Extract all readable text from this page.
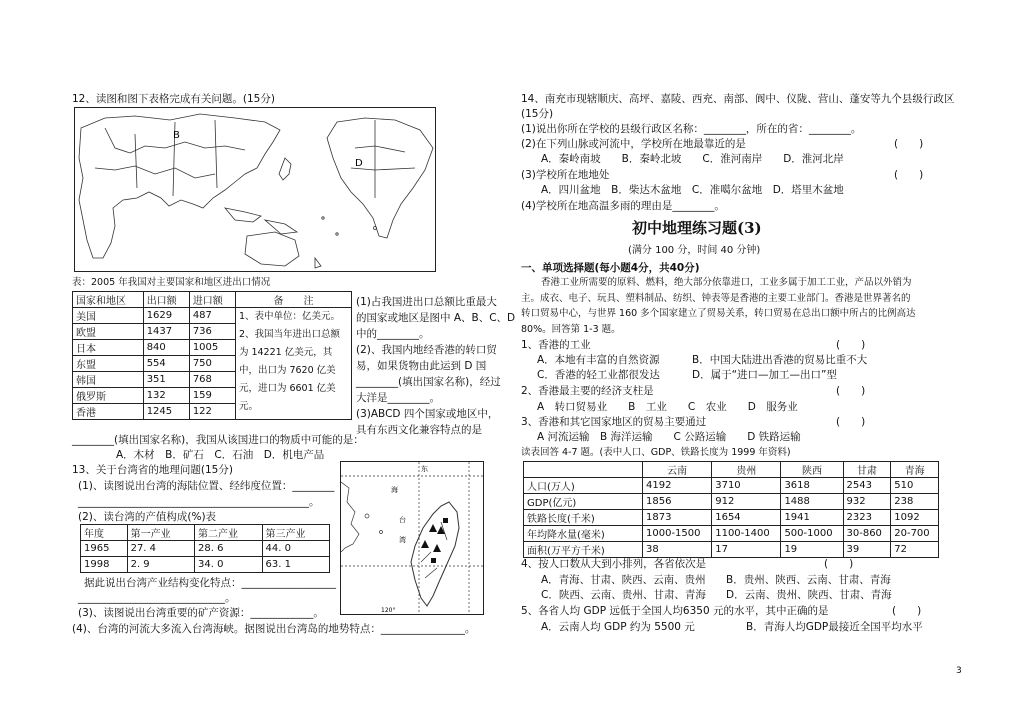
12、读图和图下表格完成有关问题。(15分)
B
D
表：2005 年我国对主要国家和地区进出口情况
国家和地区	出口额	进口额	备　　注
美国	1629	487	1、表中单位：亿美元。2、我国当年进出口总额为 14221 亿美元，其中，出口为 7620 亿美元，进口为 6601 亿美元。

欧盟	1437	736	
日本	840	1005	
东盟	554	750	
韩国	351	768	
俄罗斯	132	159	
香港	1245	122	
(1)占我国进出口总额比重最大
的国家或地区是图中 A、B、C、D
中的________。
(2)、我国内地经香港的转口贸
易，如果货物由此运到 D 国
________(填出国家名称)，经过
大洋是________。
(3)ABCD 四个国家或地区中，
具有东西文化兼容特点的是
________(填出国家名称)，我国从该国进口的物质中可能的是：
A．木材　B．矿石　C．石油　D．机电产品
13、关于台湾省的地理问题(15分)
(1)、读图说出台湾的海陆位置、经纬度位置：________
____________________________________________。
(2)、读台湾的产值构成(%)表
年度	第一产业	第二产业	第三产业
1965	27. 4	28. 6	44. 0
1998	2. 9	34. 0	63. 1
据此说出台湾产业结构变化特点：__________________
____________________________。
(3)、读图说出台湾重要的矿产资源：____________。
(4)、台湾的河流大多流入台湾海峡。据图说出台湾岛的地势特点：________________。
东
海
台
湾
120°
14、南充市现辖顺庆、高坪、嘉陵、西充、南部、阆中、仪陇、营山、蓬安等九个县级行政区
(15分)
(1)说出你所在学校的县级行政区名称：________，所在的省：________。
(2)在下列山脉或河流中，学校所在地最靠近的是	(　　)
A．秦岭南坡　　B．秦岭北坡　　C．淮河南岸　　D．淮河北岸
(3)学校所在地地处	(　　)
A．四川盆地　B．柴达木盆地　C．准噶尔盆地　D．塔里木盆地
(4)学校所在地高温多雨的理由是________。
初中地理练习题(3)
(满分 100 分，时间 40 分钟)
一、单项选择题(每小题4分，共40分)
香港工业所需要的原料、燃料，绝大部分依靠进口，工业多属于加工工业，产品以外销为
主。成衣、电子、玩具、塑料制品、纺织、钟表等是香港的主要工业部门。香港是世界著名的
转口贸易中心，与世界 160 多个国家建立了贸易关系，转口贸易在总出口额中所占的比例高达
80%。回答第 1-3 题。
1、香港的工业	(　　)
A．本地有丰富的自然资源	B．中国大陆进出香港的贸易比重不大
C．香港的轻工业都很发达	D．属于“进口—加工—出口”型
2、香港最主要的经济支柱是	(　　)
A　转口贸易业　　B　工业　　C　农业　　D　服务业
3、香港和其它国家地区的贸易主要通过	(　　)
A 河流运输　B 海洋运输　　C 公路运输　　D 铁路运输
读表回答 4-7 题。(表中人口、GDP、铁路长度为 1999 年资料)
	云南	贵州	陕西	甘肃	青海
人口(万人)	4192	3710	3618	2543	510
GDP(亿元)	1856	912	1488	932	238
铁路长度(千米)	1873	1654	1941	2323	1092
年均降水量(毫米)	1000-1500	1100-1400	500-1000	30-860	20-700
面积(万平方千米)	38	17	19	39	72
4、按人口数从大到小排列，各省依次是	(　　)
A．青海、甘肃、陕西、云南、贵州 B．贵州、陕西、云南、甘肃、青海
C．陕西、云南、贵州、甘肃、青海 D．云南、贵州、陕西、甘肃、青海
5、各省人均 GDP 远低于全国人均6350 元的水平，其中正确的是	(　　)
A．云南人均 GDP 约为 5500 元	B．青海人均GDP最接近全国平均水平
3
